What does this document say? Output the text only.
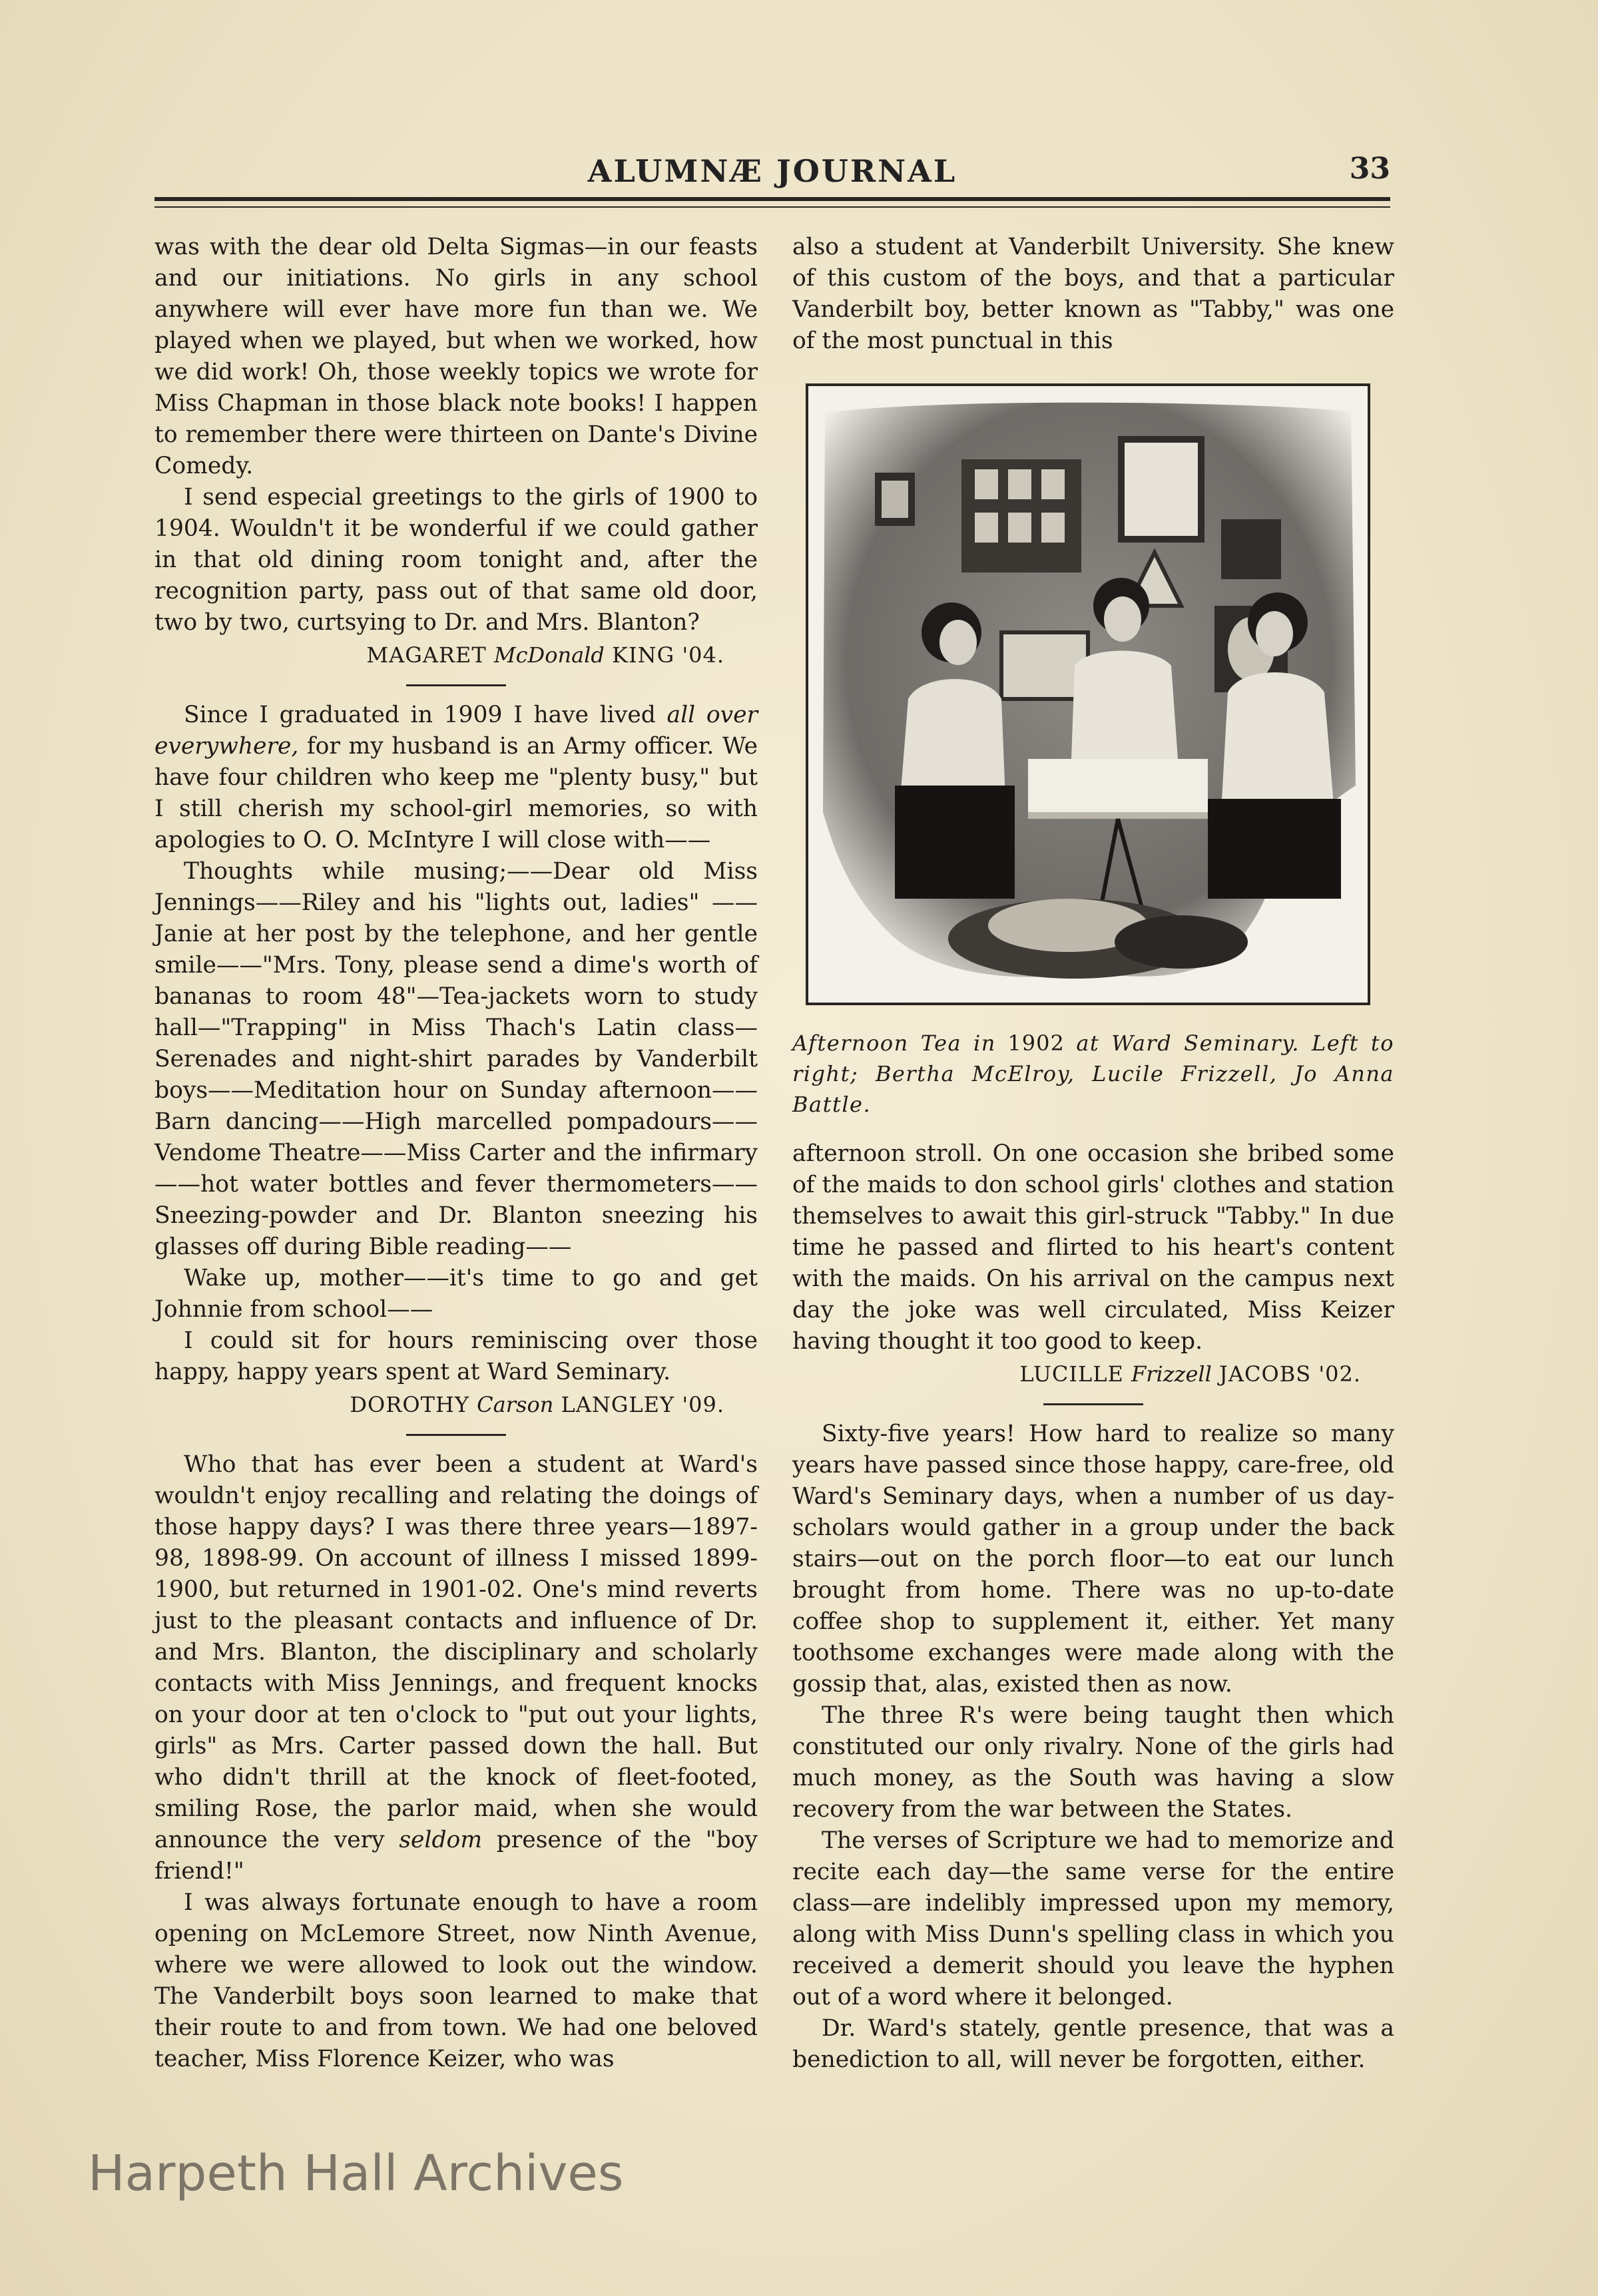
ALUMNÆ JOURNAL	33

was with the dear old Delta Sigmas—in our feasts and our initiations. No girls in any school anywhere will ever have more fun than we. We played when we played, but when we worked, how we did work! Oh, those weekly topics we wrote for Miss Chapman in those black note books! I happen to remember there were thirteen on Dante's Divine Comedy.

I send especial greetings to the girls of 1900 to 1904. Wouldn't it be wonderful if we could gather in that old dining room tonight and, after the recognition party, pass out of that same old door, two by two, curtsying to Dr. and Mrs. Blanton?

MAGARET McDonald KING '04.

Since I graduated in 1909 I have lived all over everywhere, for my husband is an Army officer. We have four children who keep me "plenty busy," but I still cherish my school-girl memories, so with apologies to O. O. McIntyre I will close with——

Thoughts while musing;——Dear old Miss Jennings——Riley and his "lights out, ladies" ——Janie at her post by the telephone, and her gentle smile——"Mrs. Tony, please send a dime's worth of bananas to room 48"—Tea-jackets worn to study hall—"Trapping" in Miss Thach's Latin class—Serenades and night-shirt parades by Vanderbilt boys——Meditation hour on Sunday afternoon——Barn dancing——High marcelled pompadours——Vendome Theatre——Miss Carter and the infirmary——hot water bottles and fever thermometers——Sneezing-powder and Dr. Blanton sneezing his glasses off during Bible reading——

Wake up, mother——it's time to go and get Johnnie from school——

I could sit for hours reminiscing over those happy, happy years spent at Ward Seminary.

DOROTHY Carson LANGLEY '09.

Who that has ever been a student at Ward's wouldn't enjoy recalling and relating the doings of those happy days? I was there three years—1897-98, 1898-99. On account of illness I missed 1899-1900, but returned in 1901-02. One's mind reverts just to the pleasant contacts and influence of Dr. and Mrs. Blanton, the disciplinary and scholarly contacts with Miss Jennings, and frequent knocks on your door at ten o'clock to "put out your lights, girls" as Mrs. Carter passed down the hall. But who didn't thrill at the knock of fleet-footed, smiling Rose, the parlor maid, when she would announce the very seldom presence of the "boy friend!"

I was always fortunate enough to have a room opening on McLemore Street, now Ninth Avenue, where we were allowed to look out the window. The Vanderbilt boys soon learned to make that their route to and from town. We had one beloved teacher, Miss Florence Keizer, who was

also a student at Vanderbilt University. She knew of this custom of the boys, and that a particular Vanderbilt boy, better known as "Tabby," was one of the most punctual in this

Afternoon Tea in 1902 at Ward Seminary. Left to right; Bertha McElroy, Lucile Frizzell, Jo Anna Battle.

afternoon stroll. On one occasion she bribed some of the maids to don school girls' clothes and station themselves to await this girl-struck "Tabby." In due time he passed and flirted to his heart's content with the maids. On his arrival on the campus next day the joke was well circulated, Miss Keizer having thought it too good to keep.

LUCILLE Frizzell JACOBS '02.

Sixty-five years! How hard to realize so many years have passed since those happy, care-free, old Ward's Seminary days, when a number of us day-scholars would gather in a group under the back stairs—out on the porch floor—to eat our lunch brought from home. There was no up-to-date coffee shop to supplement it, either. Yet many toothsome exchanges were made along with the gossip that, alas, existed then as now.

The three R's were being taught then which constituted our only rivalry. None of the girls had much money, as the South was having a slow recovery from the war between the States.

The verses of Scripture we had to memorize and recite each day—the same verse for the entire class—are indelibly impressed upon my memory, along with Miss Dunn's spelling class in which you received a demerit should you leave the hyphen out of a word where it belonged.

Dr. Ward's stately, gentle presence, that was a benediction to all, will never be forgotten, either.

Harpeth Hall Archives
